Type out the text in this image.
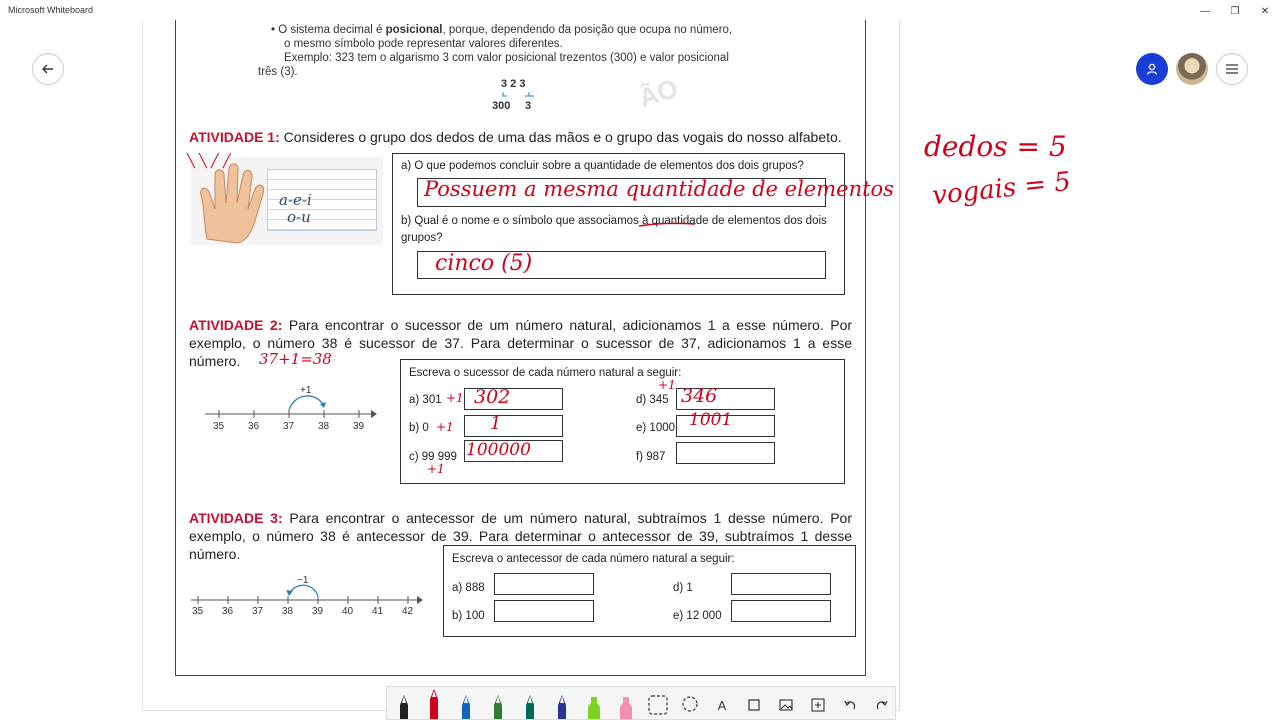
Microsoft Whiteboard	—	❐	✕
• O sistema decimal é posicional, porque, dependendo da posição que ocupa no número,
o mesmo símbolo pode representar valores diferentes.
Exemplo: 323 tem o algarismo 3 com valor posicional trezentos (300) e valor posicional
três (3).
3 2 3
300 3	ÃO
ATIVIDADE 1: Consideres o grupo dos dedos de uma das mãos e o grupo das vogais do nosso alfabeto.
a-e-i
o-u
╲ ╲ ╱ ╱	a) O que podemos concluir sobre a quantidade de elementos dos dois grupos?
Possuem a mesma quantidade de elementos
b) Qual é o nome e o símbolo que associamos à quantidade de elementos dos dois
grupos?
cinco (5)
ATIVIDADE 2: Para encontrar o sucessor de um número natural, adicionamos 1 a esse número. Por exemplo, o número 38 é sucessor de 37. Para determinar o sucessor de 37, adicionamos 1 a esse número.	37+1=38
+1
35 36 37 38 39
Escreva o sucessor de cada número natural a seguir:
a) 301 +1 302
b) 0 +1 1
c) 99 999
+1
100000
d) 345
+1 346
e) 1000 1001
f) 987
ATIVIDADE 3: Para encontrar o antecessor de um número natural, subtraímos 1 desse número. Por exemplo, o número 38 é antecessor de 39. Para determinar o antecessor de 39, subtraímos 1 desse número.
−1
35 36 37 38 39 40 41 42
Escreva o antecessor de cada número natural a seguir:
a) 888
b) 100
d) 1
e) 12 000
dedos = 5
vogais = 5
A
